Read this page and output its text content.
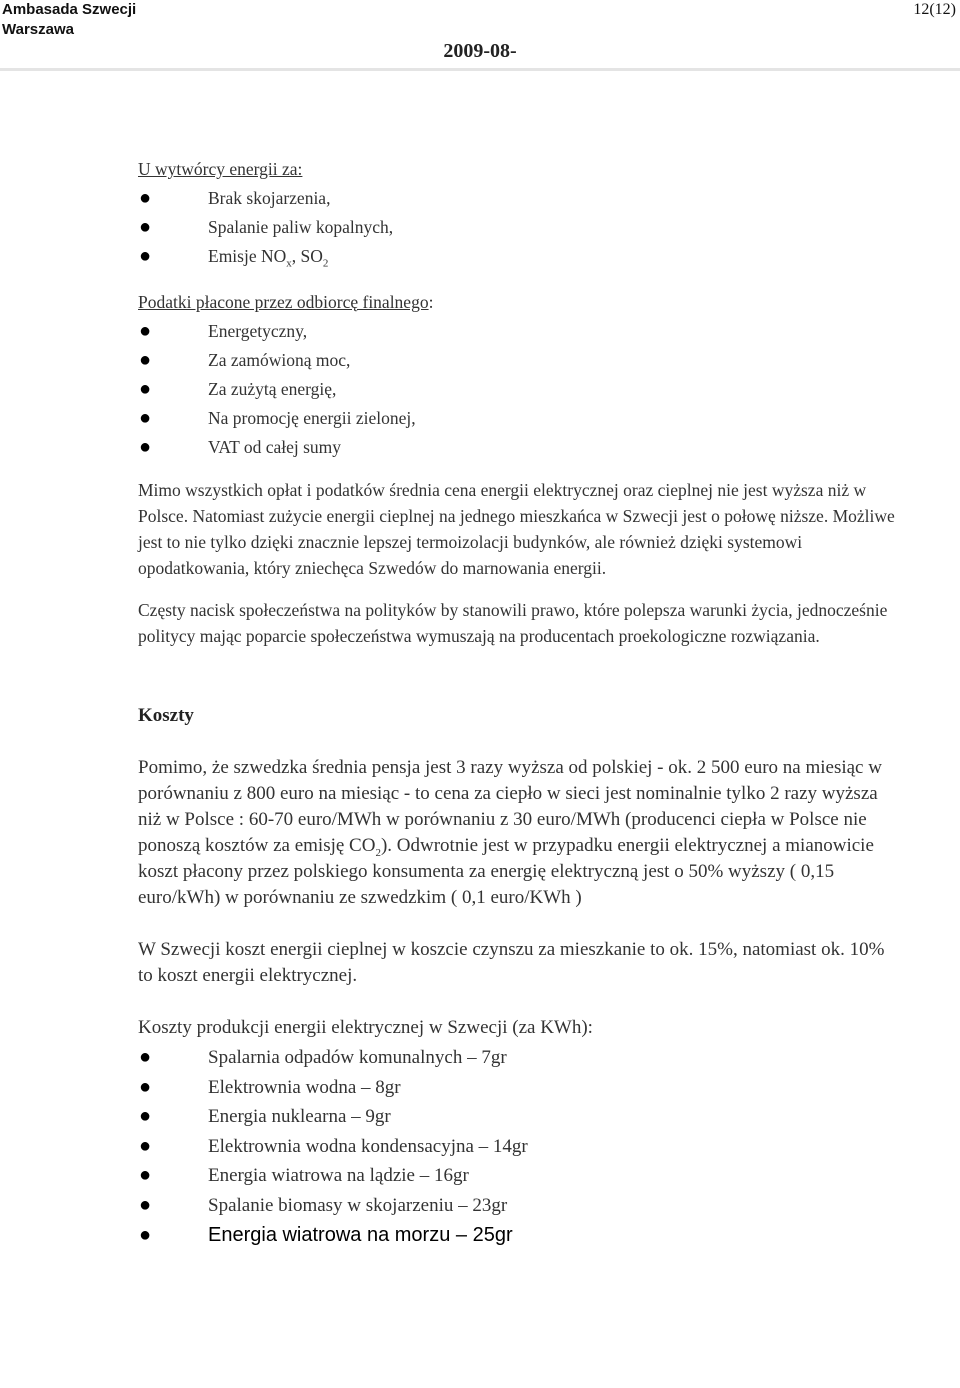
Ambasada Szwecji
Warszawa
12(12)
2009-08-
U wytwórcy energii za:
●	Brak skojarzenia,
●	Spalanie paliw kopalnych,
●	Emisje $NO_x$, $SO_2$
Podatki płacone przez odbiorcę finalnego:
●	Energetyczny,
●	Za zamówioną moc,
●	Za zużytą energię,
●	Na promocję energii zielonej,
●	VAT od całej sumy

Mimo wszystkich opłat i podatków średnia cena energii elektrycznej oraz cieplnej nie jest wyższa niż w Polsce. Natomiast zużycie energii cieplnej na jednego mieszkańca w Szwecji jest o połowę niższe. Możliwe jest to nie tylko dzięki znacznie lepszej termoizolacji budynków, ale również dzięki systemowi opodatkowania, który zniechęca Szwedów do marnowania energii.

Częsty nacisk społeczeństwa na polityków by stanowili prawo, które polepsza warunki życia, jednocześnie politycy mając poparcie społeczeństwa wymuszają na producentach proekologiczne rozwiązania.

Koszty

Pomimo, że szwedzka średnia pensja jest 3 razy wyższa od polskiej - ok. 2 500 euro na miesiąc w porównaniu z 800 euro na miesiąc - to cena za ciepło w sieci jest nominalnie tylko 2 razy wyższa niż w Polsce : 60-70 euro/MWh w porównaniu z 30 euro/MWh (producenci ciepła w Polsce nie ponoszą kosztów za emisję $CO_2$). Odwrotnie jest w przypadku energii elektrycznej a mianowicie koszt płacony przez polskiego konsumenta za energię elektryczną jest o 50% wyższy ( 0,15 euro/kWh) w porównaniu ze szwedzkim ( 0,1 euro/KWh )

W Szwecji koszt energii cieplnej w koszcie czynszu za mieszkanie to ok. 15%, natomiast ok. 10% to koszt energii elektrycznej.

Koszty produkcji energii elektrycznej w Szwecji (za KWh):
●	Spalarnia odpadów komunalnych – 7gr
●	Elektrownia wodna – 8gr
●	Energia nuklearna – 9gr
●	Elektrownia wodna kondensacyjna – 14gr
●	Energia wiatrowa na lądzie – 16gr
●	Spalanie biomasy w skojarzeniu – 23gr
●	Energia wiatrowa na morzu – 25gr
